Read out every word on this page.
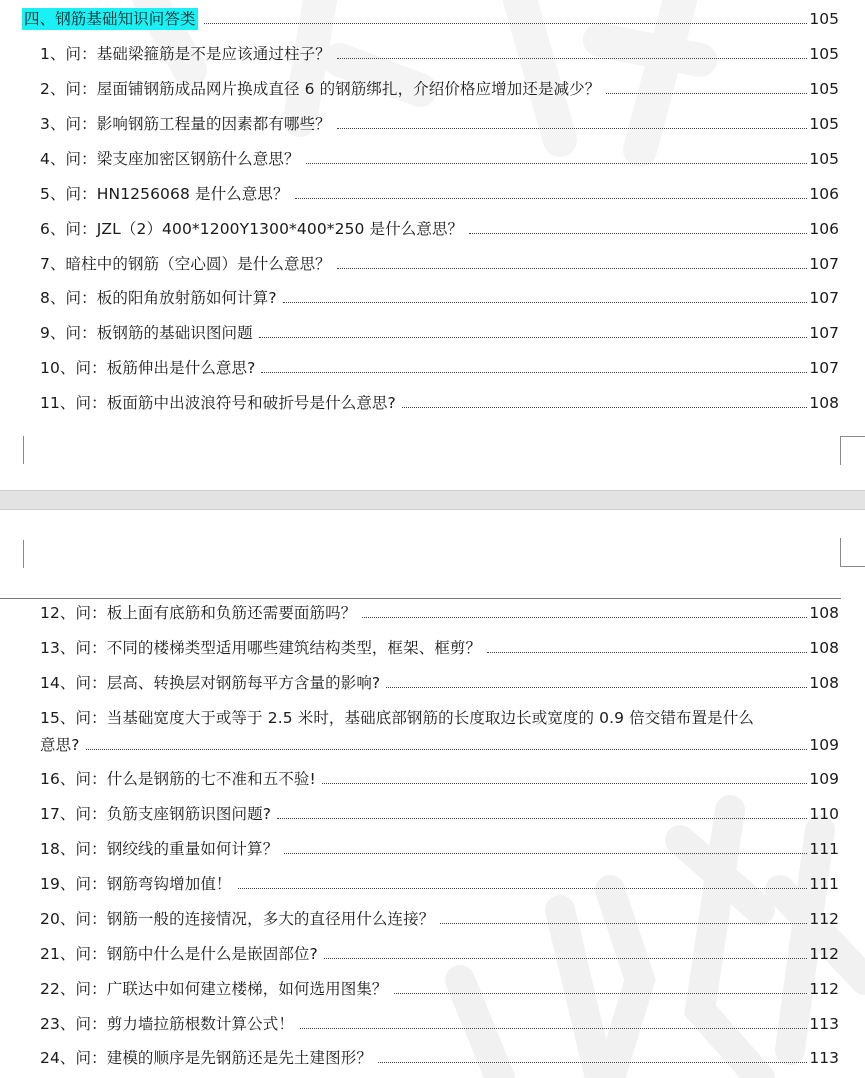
四、钢筋基础知识问答类	105
1、问：基础梁箍筋是不是应该通过柱子？	105
2、问：屋面铺钢筋成品网片换成直径 6 的钢筋绑扎，介绍价格应增加还是减少？	105
3、问：影响钢筋工程量的因素都有哪些？	105
4、问：梁支座加密区钢筋什么意思？	105
5、问：HN1256068 是什么意思？	106
6、问：JZL（2）400*1200Y1300*400*250 是什么意思？	106
7、暗柱中的钢筋（空心圆）是什么意思？	107
8、问：板的阳角放射筋如何计算?	107
9、问：板钢筋的基础识图问题	107
10、问：板筋伸出是什么意思?	107
11、问：板面筋中出波浪符号和破折号是什么意思?	108
12、问：板上面有底筋和负筋还需要面筋吗？	108
13、问：不同的楼梯类型适用哪些建筑结构类型，框架、框剪？	108
14、问：层高、转换层对钢筋每平方含量的影响?	108
15、问：当基础宽度大于或等于 2.5 米时，基础底部钢筋的长度取边长或宽度的 0.9 倍交错布置是什么
意思?	109
16、问：什么是钢筋的七不准和五不验!	109
17、问：负筋支座钢筋识图问题?	110
18、问：钢绞线的重量如何计算？	111
19、问：钢筋弯钩增加值！	111
20、问：钢筋一般的连接情况，多大的直径用什么连接？	112
21、问：钢筋中什么是什么是嵌固部位?	112
22、问：广联达中如何建立楼梯，如何选用图集？	112
23、问：剪力墙拉筋根数计算公式！	113
24、问：建模的顺序是先钢筋还是先土建图形？	113
